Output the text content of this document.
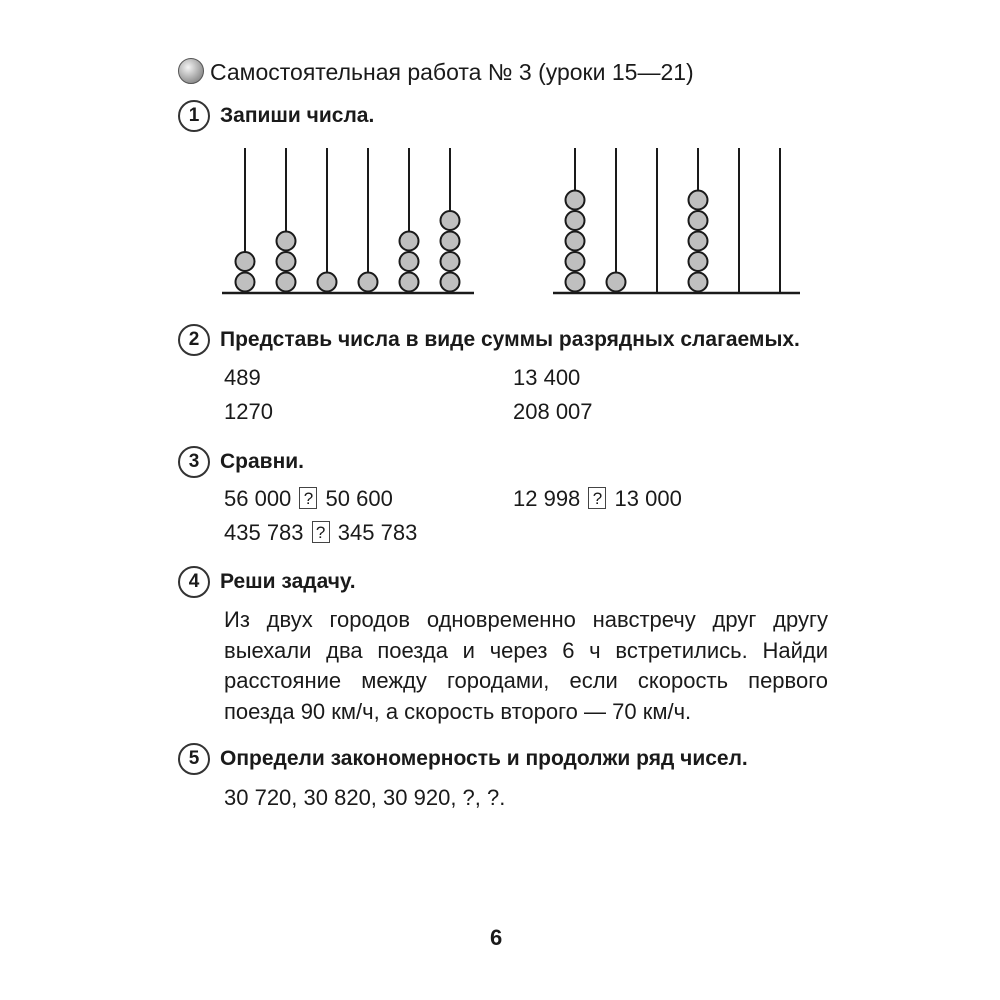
Самостоятельная работа № 3 (уроки 15—21)
1 Запиши числа.
2 Представь числа в виде суммы разрядных слагаемых.
489	13 400
1270	208 007
3 Сравни.
56 000 ? 50 600	12 998 ? 13 000
435 783 ? 345 783
4 Реши задачу.
Из двух городов одновременно навстречу друг другу выехали два поезда и через 6 ч встретились. Найди расстояние между городами, если скорость первого поезда 90 км/ч, а скорость второго — 70 км/ч.
5 Определи закономерность и продолжи ряд чисел.
30 720, 30 820, 30 920, ?, ?.
6
